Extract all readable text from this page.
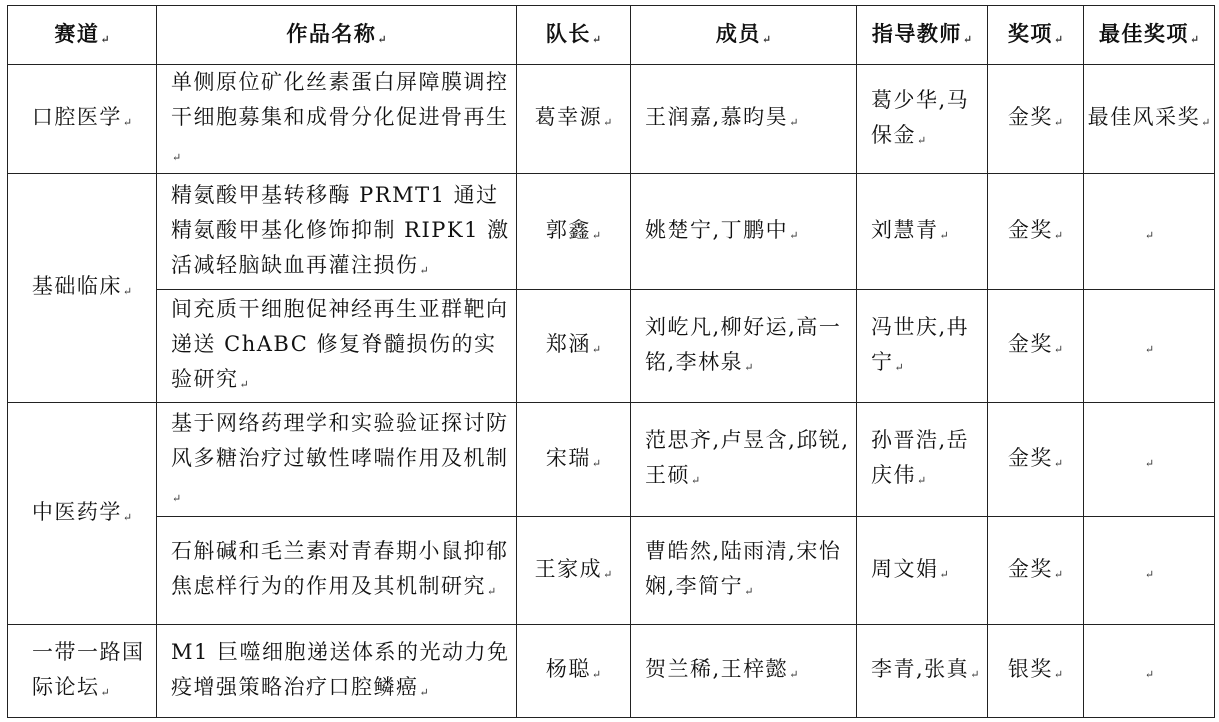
赛道 ↵	作品名称 ↵	队长 ↵	成员 ↵	指导教师 ↵	奖项 ↵	最佳奖项 ↵
口腔医学 ↵	单侧原位矿化丝素蛋白屏障膜调控干细胞募集和成骨分化促进骨再生 ↵	葛幸源 ↵	王润嘉,慕昀昊 ↵	葛少华,马保金 ↵	金奖 ↵	最佳风采奖 ↵
基础临床 ↵	精氨酸甲基转移酶 PRMT1 通过精氨酸甲基化修饰抑制 RIPK1 激活减轻脑缺血再灌注损伤 ↵	郭鑫 ↵	姚楚宁,丁鹏中 ↵	刘慧青 ↵	金奖 ↵	↵
	间充质干细胞促神经再生亚群靶向递送 ChABC 修复脊髓损伤的实验研究 ↵	郑涵 ↵	刘屹凡,柳好运,高一铭,李林泉 ↵	冯世庆,冉宁 ↵	金奖 ↵	↵
中医药学 ↵	基于网络药理学和实验验证探讨防风多糖治疗过敏性哮喘作用及机制 ↵	宋瑞 ↵	范思齐,卢昱含,邱锐,王硕 ↵	孙晋浩,岳庆伟 ↵	金奖 ↵	↵
	石斛碱和毛兰素对青春期小鼠抑郁焦虑样行为的作用及其机制研究 ↵	王家成 ↵	曹皓然,陆雨清,宋怡娴,李简宁 ↵	周文娟 ↵	金奖 ↵	↵
一带一路国际论坛 ↵	M1 巨噬细胞递送体系的光动力免疫增强策略治疗口腔鳞癌 ↵	杨聪 ↵	贺兰稀,王梓懿 ↵	李青,张真 ↵	银奖 ↵	↵
